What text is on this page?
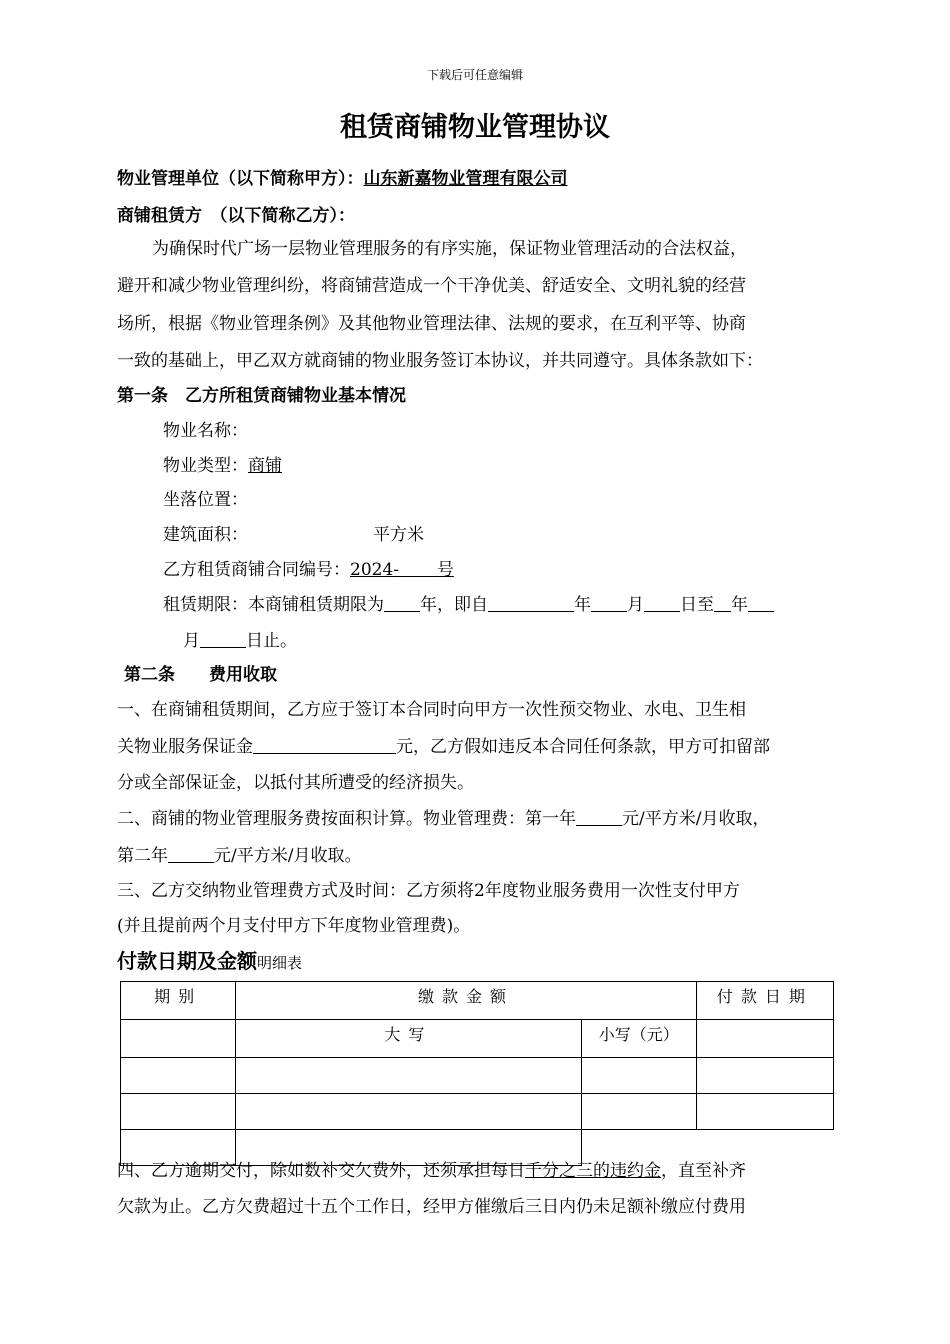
下载后可任意编辑
租赁商铺物业管理协议
物业管理单位（以下简称甲方）：山东新嘉物业管理有限公司
商铺租赁方　（以下简称乙方）：
为确保时代广场一层物业管理服务的有序实施，保证物业管理活动的合法权益，
避开和减少物业管理纠纷，将商铺营造成一个干净优美、舒适安全、文明礼貌的经营
场所，根据《物业管理条例》及其他物业管理法律、法规的要求，在互利平等、协商
一致的基础上，甲乙双方就商铺的物业服务签订本协议，并共同遵守。具体条款如下：
第一条　乙方所租赁商铺物业基本情况
物业名称：
物业类型：商铺
坐落位置：
建筑面积：	平方米
乙方租赁商铺合同编号：2024- 号
租赁期限：本商铺租赁期限为 年，即自	年 月 日至 年
月	日止。
第二条　　费用收取
一、在商铺租赁期间，乙方应于签订本合同时向甲方一次性预交物业、水电、卫生相
关物业服务保证金	元，乙方假如违反本合同任何条款，甲方可扣留部
分或全部保证金，以抵付其所遭受的经济损失。
二、商铺的物业管理服务费按面积计算。物业管理费：第一年	元/平方米/月收取，
第二年	元/平方米/月收取。
三、乙方交纳物业管理费方式及时间：乙方须将2年度物业服务费用一次性支付甲方
(并且提前两个月支付甲方下年度物业管理费)。
付款日期及金额明细表
期别	缴款金额		付款日期
	大写	小写（元）	

四、乙方逾期交付，除如数补交欠费外，还须承担每日千分之三的违约金，直至补齐
欠款为止。乙方欠费超过十五个工作日，经甲方催缴后三日内仍未足额补缴应付费用
